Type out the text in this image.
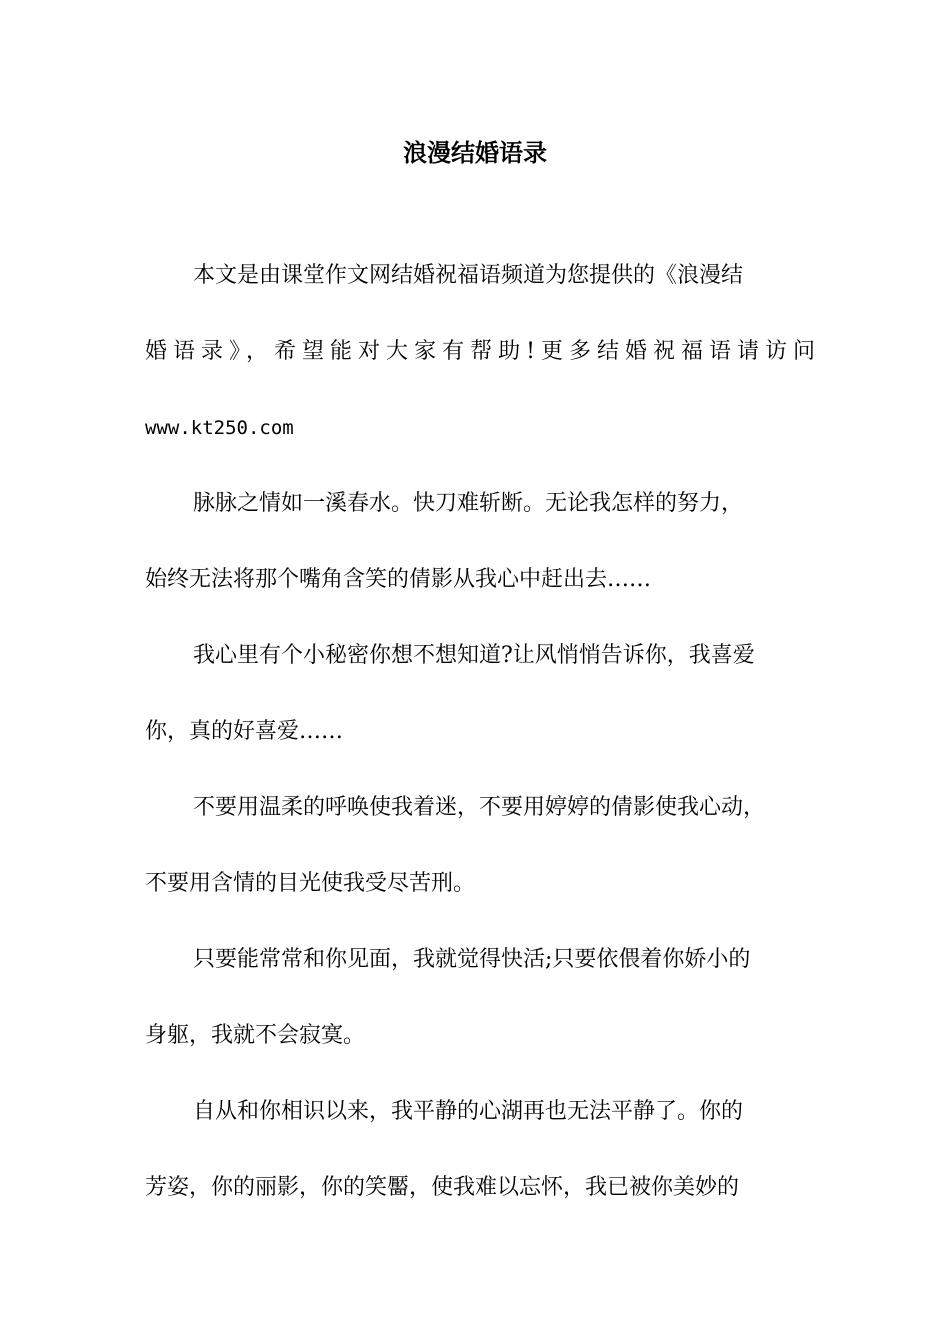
浪漫结婚语录

本文是由课堂作文网结婚祝福语频道为您提供的《浪漫结

婚语录》，希望能对大家有帮助!更多结婚祝福语请访问

www.kt250.com

脉脉之情如一溪春水。快刀难斩断。无论我怎样的努力，

始终无法将那个嘴角含笑的倩影从我心中赶出去……

我心里有个小秘密你想不想知道?让风悄悄告诉你，我喜爱

你，真的好喜爱……

不要用温柔的呼唤使我着迷，不要用婷婷的倩影使我心动，

不要用含情的目光使我受尽苦刑。

只要能常常和你见面，我就觉得快活;只要依偎着你娇小的

身躯，我就不会寂寞。

自从和你相识以来，我平静的心湖再也无法平静了。你的

芳姿，你的丽影，你的笑靨，使我难以忘怀，我已被你美妙的
